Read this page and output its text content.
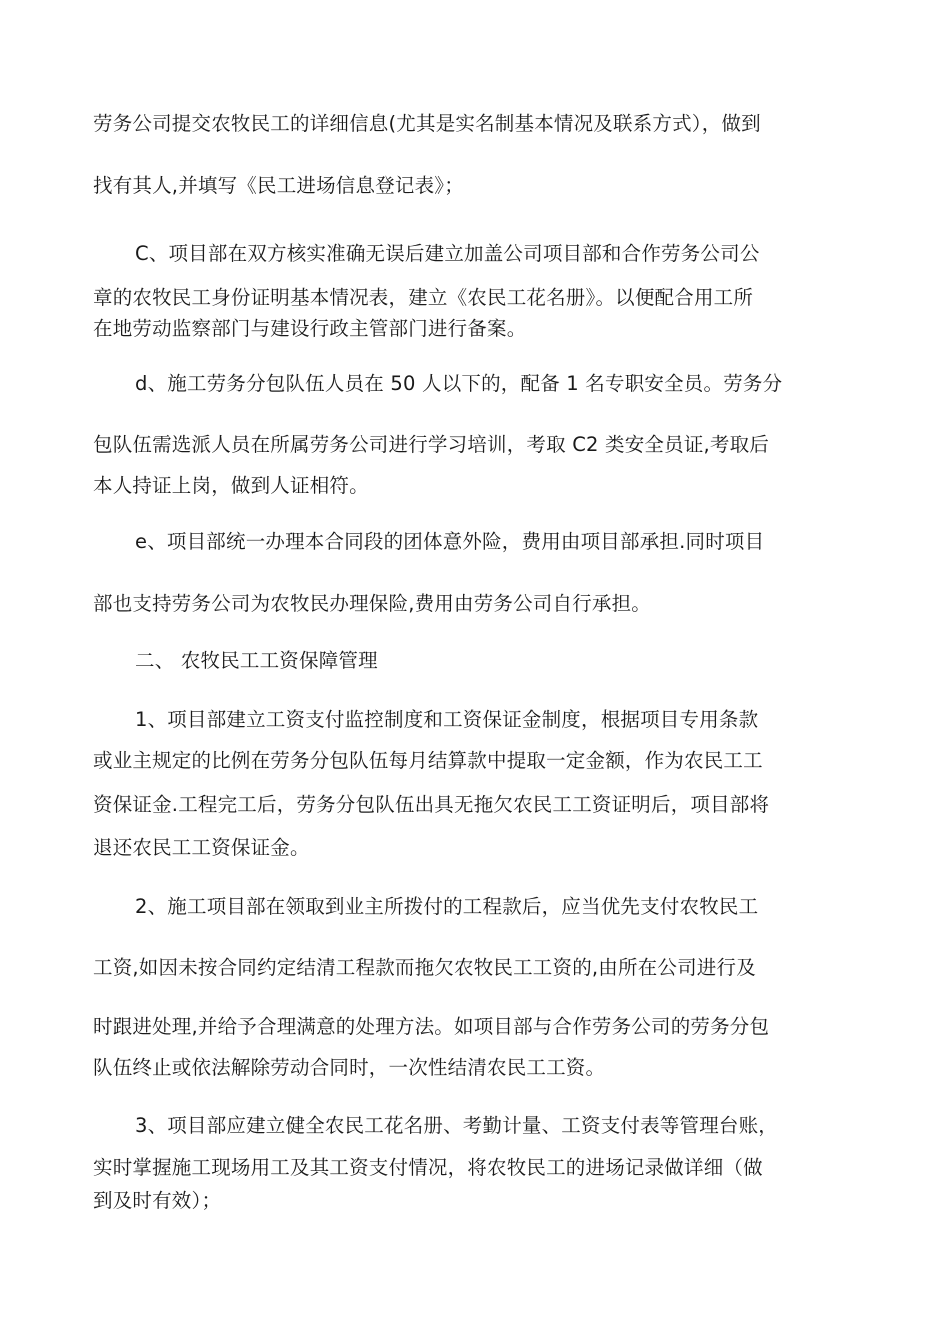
劳务公司提交农牧民工的详细信息(尤其是实名制基本情况及联系方式），做到
找有其人,并填写《民工进场信息登记表》；
C、项目部在双方核实准确无误后建立加盖公司项目部和合作劳务公司公
章的农牧民工身份证明基本情况表，建立《农民工花名册》。以便配合用工所
在地劳动监察部门与建设行政主管部门进行备案。
d、施工劳务分包队伍人员在 50 人以下的，配备 1 名专职安全员。劳务分
包队伍需选派人员在所属劳务公司进行学习培训，考取 C2 类安全员证,考取后
本人持证上岗，做到人证相符。
e、项目部统一办理本合同段的团体意外险，费用由项目部承担.同时项目
部也支持劳务公司为农牧民办理保险,费用由劳务公司自行承担。
二、 农牧民工工资保障管理
1、项目部建立工资支付监控制度和工资保证金制度，根据项目专用条款
或业主规定的比例在劳务分包队伍每月结算款中提取一定金额，作为农民工工
资保证金.工程完工后，劳务分包队伍出具无拖欠农民工工资证明后，项目部将
退还农民工工资保证金。
2、施工项目部在领取到业主所拨付的工程款后，应当优先支付农牧民工
工资,如因未按合同约定结清工程款而拖欠农牧民工工资的,由所在公司进行及
时跟进处理,并给予合理满意的处理方法。如项目部与合作劳务公司的劳务分包
队伍终止或依法解除劳动合同时，一次性结清农民工工资。
3、项目部应建立健全农民工花名册、考勤计量、工资支付表等管理台账，
实时掌握施工现场用工及其工资支付情况，将农牧民工的进场记录做详细（做
到及时有效）；
